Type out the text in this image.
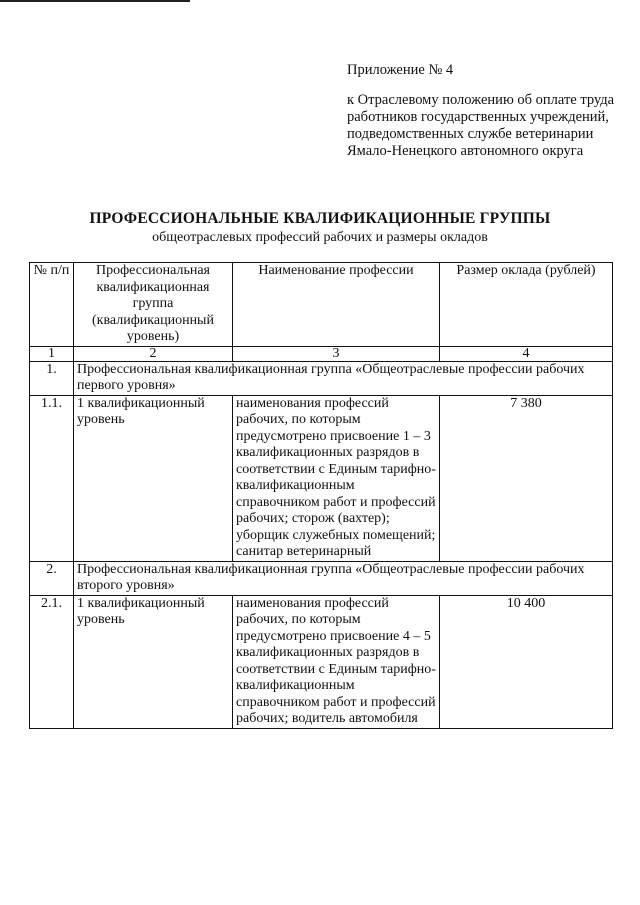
Приложение № 4
к Отраслевому положению об оплате труда работников государственных учреждений, подведомственных службе ветеринарии Ямало-Ненецкого автономного округа
ПРОФЕССИОНАЛЬНЫЕ КВАЛИФИКАЦИОННЫЕ ГРУППЫ
общеотраслевых профессий рабочих и размеры окладов
№ п/п	Профессиональная квалификационная группа (квалификационный уровень)	Наименование профессии	Размер оклада (рублей)
1	2	3	4
1.	Профессиональная квалификационная группа «Общеотраслевые профессии рабочих первого уровня»		
1.1.	1 квалификационный уровень	наименования профессий рабочих, по которым предусмотрено присвоение 1 – 3 квалификационных разрядов в соответствии с Единым тарифно-квалификационным справочником работ и профессий рабочих; сторож (вахтер); уборщик служебных помещений; санитар ветеринарный	7 380
2.	Профессиональная квалификационная группа «Общеотраслевые профессии рабочих второго уровня»		
2.1.	1 квалификационный уровень	наименования профессий рабочих, по которым предусмотрено присвоение 4 – 5 квалификационных разрядов в соответствии с Единым тарифно-квалификационным справочником работ и профессий рабочих; водитель автомобиля	10 400
